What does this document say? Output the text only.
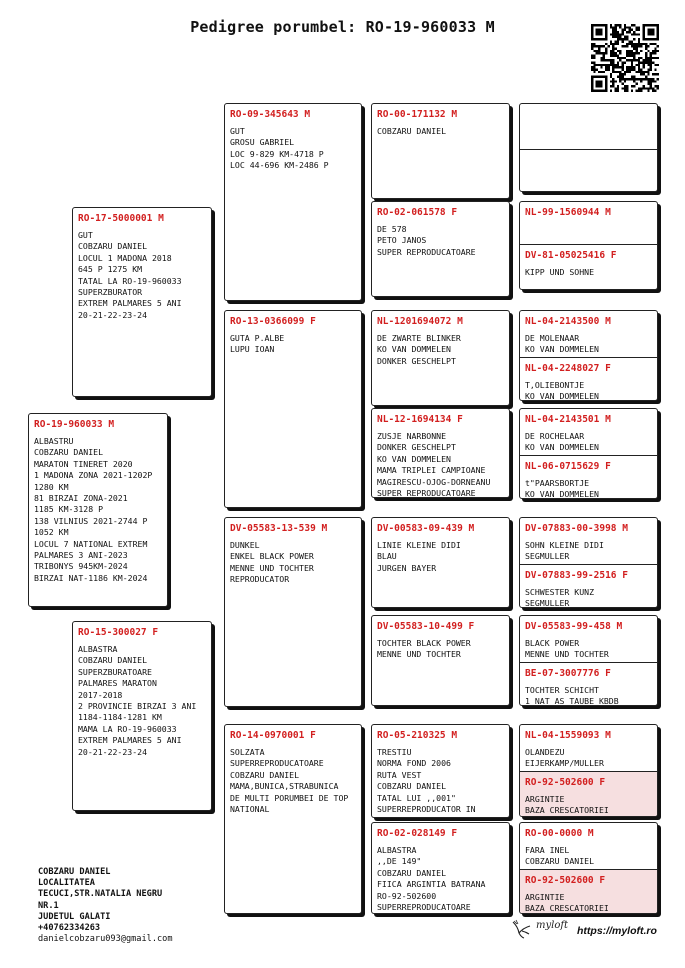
Pedigree porumbel: RO-19-960033 M
RO-19-960033 M
ALBASTRU
COBZARU DANIEL
MARATON TINERET 2020
1 MADONA ZONA 2021-1202P
1280 KM
81 BIRZAI ZONA-2021
1185 KM-3128 P
138 VILNIUS 2021-2744 P
1052 KM
LOCUL 7 NATIONAL EXTREM
PALMARES 3 ANI-2023
TRIBONYS 945KM-2024
BIRZAI NAT-1186 KM-2024
RO-17-5000001 M
GUT
COBZARU DANIEL
LOCUL 1 MADONA 2018
645 P 1275 KM
TATAL LA RO-19-960033
SUPERZBURATOR
EXTREM PALMARES 5 ANI
20-21-22-23-24
RO-15-300027 F
ALBASTRA
COBZARU DANIEL
SUPERZBURATOARE
PALMARES MARATON
2017-2018
2 PROVINCIE BIRZAI 3 ANI
1184-1184-1281 KM
MAMA LA RO-19-960033
EXTREM PALMARES 5 ANI
20-21-22-23-24
RO-09-345643 M
GUT
GROSU GABRIEL
LOC 9-829 KM-4718 P
LOC 44-696 KM-2486 P
RO-13-0366099 F
GUTA P.ALBE
LUPU IOAN
DV-05583-13-539 M
DUNKEL
ENKEL BLACK POWER
MENNE UND TOCHTER
REPRODUCATOR
RO-14-0970001 F
SOLZATA
SUPERREPRODUCATOARE
COBZARU DANIEL
MAMA,BUNICA,STRABUNICA
DE MULTI PORUMBEI DE TOP
NATIONAL
RO-00-171132 M
COBZARU DANIEL
RO-02-061578 F
DE 578
PETO JANOS
SUPER REPRODUCATOARE
NL-1201694072 M
DE ZWARTE BLINKER
KO VAN DOMMELEN
DONKER GESCHELPT
NL-12-1694134 F
ZUSJE NARBONNE
DONKER GESCHELPT
KO VAN DOMMELEN
MAMA TRIPLEI CAMPIOANE
MAGIRESCU-OJOG-DORNEANU
SUPER REPRODUCATOARE
DV-00583-09-439 M
LINIE KLEINE DIDI
BLAU
JURGEN BAYER
DV-05583-10-499 F
TOCHTER BLACK POWER
MENNE UND TOCHTER
RO-05-210325 M
TRESTIU
NORMA FOND 2006
RUTA VEST
COBZARU DANIEL
TATAL LUI ,,001"
SUPERREPRODUCATOR IN
RO-02-028149 F
ALBASTRA
,,DE 149"
COBZARU DANIEL
FIICA ARGINTIA BATRANA
RO-92-502600
SUPERREPRODUCATOARE
NL-99-1560944 M
DV-81-05025416 F
KIPP UND SOHNE
NL-04-2143500 M
DE MOLENAAR
KO VAN DOMMELEN
NL-04-2248027 F
T,OLIEBONTJE
KO VAN DOMMELEN
NL-04-2143501 M
DE ROCHELAAR
KO VAN DOMMELEN
NL-06-0715629 F
t"PAARSBORTJE
KO VAN DOMMELEN
DV-07883-00-3998 M
SOHN KLEINE DIDI
SEGMULLER
DV-07883-99-2516 F
SCHWESTER KUNZ
SEGMULLER
DV-05583-99-458 M
BLACK POWER
MENNE UND TOCHTER
BE-07-3007776 F
TOCHTER SCHICHT
1 NAT AS TAUBE KBDB
NL-04-1559093 M
OLANDEZU
EIJERKAMP/MULLER
RO-92-502600 F
ARGINTIE
BAZA CRESCATORIEI
RO-00-0000 M
FARA INEL
COBZARU DANIEL
RO-92-502600 F
ARGINTIE
BAZA CRESCATORIEI
COBZARU DANIEL
LOCALITATEA
TECUCI,STR.NATALIA NEGRU
NR.1
JUDETUL GALATI
+40762334263
danielcobzaru093@gmail.com
myloft https://myloft.ro
